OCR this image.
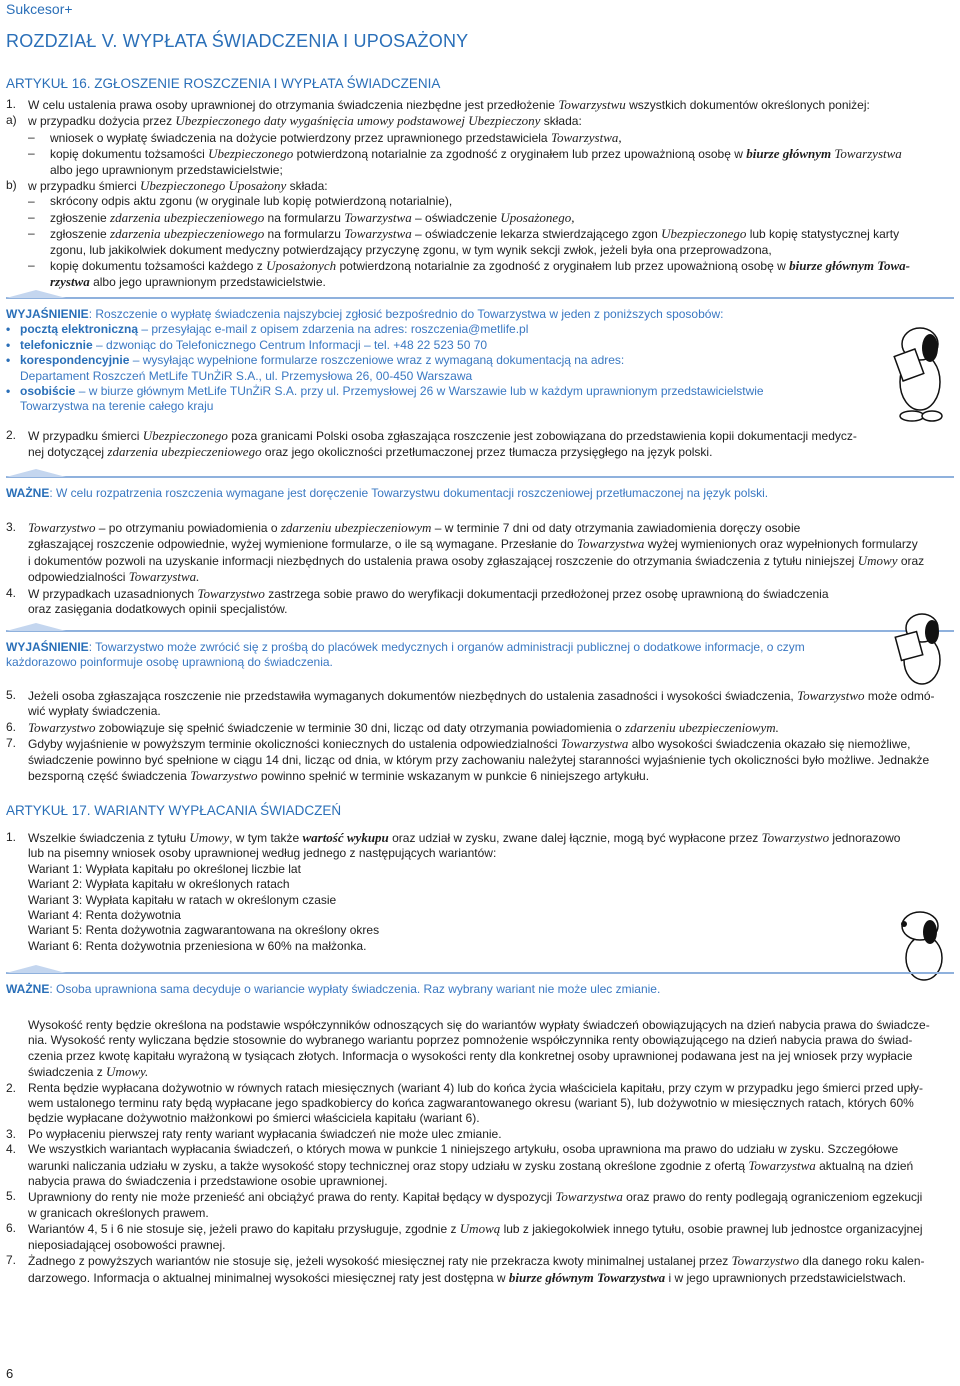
Sukcesor+
ROZDZIAŁ V. WYPŁATA ŚWIADCZENIA I UPOSAŻONY
ARTYKUŁ 16. ZGŁOSZENIE ROSZCZENIA I WYPŁATA ŚWIADCZENIA
1. W celu ustalenia prawa osoby uprawnionej do otrzymania świadczenia niezbędne jest przedłożenie Towarzystwu wszystkich dokumentów określonych poniżej:
a) w przypadku dożycia przez Ubezpieczonego daty wygaśnięcia umowy podstawowej Ubezpieczony składa:
–	wniosek o wypłatę świadczenia na dożycie potwierdzony przez uprawnionego przedstawiciela Towarzystwa,
–	kopię dokumentu tożsamości Ubezpieczonego potwierdzoną notarialnie za zgodność z oryginałem lub przez upoważnioną osobę w biurze głównym Towarzystwa
albo jego uprawnionym przedstawicielstwie;
b) w przypadku śmierci Ubezpieczonego Uposażony składa:
–	skrócony odpis aktu zgonu (w oryginale lub kopię potwierdzoną notarialnie),
–	zgłoszenie zdarzenia ubezpieczeniowego na formularzu Towarzystwa – oświadczenie Uposażonego,
–	zgłoszenie zdarzenia ubezpieczeniowego na formularzu Towarzystwa – oświadczenie lekarza stwierdzającego zgon Ubezpieczonego lub kopię statystycznej karty
zgonu, lub jakikolwiek dokument medyczny potwierdzający przyczynę zgonu, w tym wynik sekcji zwłok, jeżeli była ona przeprowadzona,
–	kopię dokumentu tożsamości każdego z Uposażonych potwierdzoną notarialnie za zgodność z oryginałem lub przez upoważnioną osobę w biurze głównym Towa-
rzystwa albo jego uprawnionym przedstawicielstwie.
WYJAŚNIENIE: Roszczenie o wypłatę świadczenia najszybciej zgłosić bezpośrednio do Towarzystwa w jeden z poniższych sposobów:
• pocztą elektroniczną – przesyłając e-mail z opisem zdarzenia na adres: roszczenia@metlife.pl
• telefonicznie – dzwoniąc do Telefonicznego Centrum Informacji – tel. +48 22 523 50 70
• korespondencyjnie – wysyłając wypełnione formularze roszczeniowe wraz z wymaganą dokumentacją na adres:
Departament Roszczeń MetLife TUnŻiR S.A., ul. Przemysłowa 26, 00-450 Warszawa
• osobiście – w biurze głównym MetLife TUnŻiR S.A. przy ul. Przemysłowej 26 w Warszawie lub w każdym uprawnionym przedstawicielstwie
Towarzystwa na terenie całego kraju
2. W przypadku śmierci Ubezpieczonego poza granicami Polski osoba zgłaszająca roszczenie jest zobowiązana do przedstawienia kopii dokumentacji medycz-
nej dotyczącej zdarzenia ubezpieczeniowego oraz jego okoliczności przetłumaczonej przez tłumacza przysięgłego na język polski.
WAŻNE: W celu rozpatrzenia roszczenia wymagane jest doręczenie Towarzystwu dokumentacji roszczeniowej przetłumaczonej na język polski.
3. Towarzystwo – po otrzymaniu powiadomienia o zdarzeniu ubezpieczeniowym – w terminie 7 dni od daty otrzymania zawiadomienia doręczy osobie
zgłaszającej roszczenie odpowiednie, wyżej wymienione formularze, o ile są wymagane. Przesłanie do Towarzystwa wyżej wymienionych oraz wypełnionych formularzy
i dokumentów pozwoli na uzyskanie informacji niezbędnych do ustalenia prawa osoby zgłaszającej roszczenie do otrzymania świadczenia z tytułu niniejszej Umowy oraz
odpowiedzialności Towarzystwa.
4. W przypadkach uzasadnionych Towarzystwo zastrzega sobie prawo do weryfikacji dokumentacji przedłożonej przez osobę uprawnioną do świadczenia
oraz zasięgania dodatkowych opinii specjalistów.
WYJAŚNIENIE: Towarzystwo może zwrócić się z prośbą do placówek medycznych i organów administracji publicznej o dodatkowe informacje, o czym
każdorazowo poinformuje osobę uprawnioną do świadczenia.
5. Jeżeli osoba zgłaszająca roszczenie nie przedstawiła wymaganych dokumentów niezbędnych do ustalenia zasadności i wysokości świadczenia, Towarzystwo może odmó-
wić wypłaty świadczenia.
6. Towarzystwo zobowiązuje się spełnić świadczenie w terminie 30 dni, licząc od daty otrzymania powiadomienia o zdarzeniu ubezpieczeniowym.
7. Gdyby wyjaśnienie w powyższym terminie okoliczności koniecznych do ustalenia odpowiedzialności Towarzystwa albo wysokości świadczenia okazało się niemożliwe,
świadczenie powinno być spełnione w ciągu 14 dni, licząc od dnia, w którym przy zachowaniu należytej staranności wyjaśnienie tych okoliczności było możliwe. Jednakże
bezsporną część świadczenia Towarzystwo powinno spełnić w terminie wskazanym w punkcie 6 niniejszego artykułu.
ARTYKUŁ 17. WARIANTY WYPŁACANIA ŚWIADCZEŃ
1. Wszelkie świadczenia z tytułu Umowy, w tym także wartość wykupu oraz udział w zysku, zwane dalej łącznie, mogą być wypłacone przez Towarzystwo jednorazowo
lub na pisemny wniosek osoby uprawnionej według jednego z następujących wariantów:
Wariant 1: Wypłata kapitału po określonej liczbie lat
Wariant 2: Wypłata kapitału w określonych ratach
Wariant 3: Wypłata kapitału w ratach w określonym czasie
Wariant 4: Renta dożywotnia
Wariant 5: Renta dożywotnia zagwarantowana na określony okres
Wariant 6: Renta dożywotnia przeniesiona w 60% na małżonka.
WAŻNE: Osoba uprawniona sama decyduje o wariancie wypłaty świadczenia. Raz wybrany wariant nie może ulec zmianie.
Wysokość renty będzie określona na podstawie współczynników odnoszących się do wariantów wypłaty świadczeń obowiązujących na dzień nabycia prawa do świadcze-
nia. Wysokość renty wyliczana będzie stosownie do wybranego wariantu poprzez pomnożenie współczynnika renty obowiązującego na dzień nabycia prawa do świad-
czenia przez kwotę kapitału wyrażoną w tysiącach złotych. Informacja o wysokości renty dla konkretnej osoby uprawnionej podawana jest na jej wniosek przy wypłacie
świadczenia z Umowy.
2. Renta będzie wypłacana dożywotnio w równych ratach miesięcznych (wariant 4) lub do końca życia właściciela kapitału, przy czym w przypadku jego śmierci przed upły-
wem ustalonego terminu raty będą wypłacane jego spadkobiercy do końca zagwarantowanego okresu (wariant 5), lub dożywotnio w miesięcznych ratach, których 60%
będzie wypłacane dożywotnio małżonkowi po śmierci właściciela kapitału (wariant 6).
3. Po wypłaceniu pierwszej raty renty wariant wypłacania świadczeń nie może ulec zmianie.
4. We wszystkich wariantach wypłacania świadczeń, o których mowa w punkcie 1 niniejszego artykułu, osoba uprawniona ma prawo do udziału w zysku. Szczegółowe
warunki naliczania udziału w zysku, a także wysokość stopy technicznej oraz stopy udziału w zysku zostaną określone zgodnie z ofertą Towarzystwa aktualną na dzień
nabycia prawa do świadczenia i przedstawione osobie uprawnionej.
5. Uprawniony do renty nie może przenieść ani obciążyć prawa do renty. Kapitał będący w dyspozycji Towarzystwa oraz prawo do renty podlegają ograniczeniom egzekucji
w granicach określonych prawem.
6. Wariantów 4, 5 i 6 nie stosuje się, jeżeli prawo do kapitału przysługuje, zgodnie z Umową lub z jakiegokolwiek innego tytułu, osobie prawnej lub jednostce organizacyjnej
nieposiadającej osobowości prawnej.
7. Żadnego z powyższych wariantów nie stosuje się, jeżeli wysokość miesięcznej raty nie przekracza kwoty minimalnej ustalanej przez Towarzystwo dla danego roku kalen-
darzowego. Informacja o aktualnej minimalnej wysokości miesięcznej raty jest dostępna w biurze głównym Towarzystwa i w jego uprawnionych przedstawicielstwach.
6
